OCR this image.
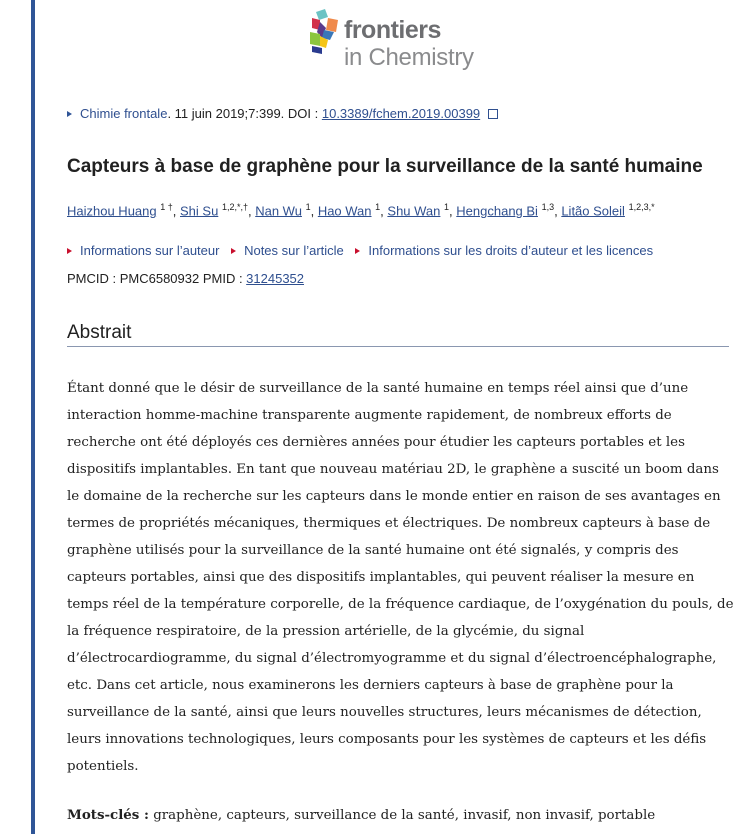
frontiers
in Chemistry
Chimie frontale. 11 juin 2019;7:399. DOI : 10.3389/fchem.2019.00399
Capteurs à base de graphène pour la surveillance de la santé humaine
Haizhou Huang $^{1 \dagger}$, Shi Su $^{1,2,*,\dagger}$, Nan Wu $^1$, Hao Wan $^1$, Shu Wan $^1$, Hengchang Bi $^{1,3}$, Litão Soleil $^{1,2,3,*}$
Informations sur l’auteur Notes sur l’article Informations sur les droits d’auteur et les licences
PMCID : PMC6580932 PMID : 31245352
Abstrait

Étant donné que le désir de surveillance de la santé humaine en temps réel ainsi que d’une interaction homme-machine transparente augmente rapidement, de nombreux efforts de recherche ont été déployés ces dernières années pour étudier les capteurs portables et les dispositifs implantables. En tant que nouveau matériau 2D, le graphène a suscité un boom dans le domaine de la recherche sur les capteurs dans le monde entier en raison de ses avantages en termes de propriétés mécaniques, thermiques et électriques. De nombreux capteurs à base de graphène utilisés pour la surveillance de la santé humaine ont été signalés, y compris des capteurs portables, ainsi que des dispositifs implantables, qui peuvent réaliser la mesure en temps réel de la température corporelle, de la fréquence cardiaque, de l’oxygénation du pouls, de la fréquence respiratoire, de la pression artérielle, de la glycémie, du signal d’électrocardiogramme, du signal d’électromyogramme et du signal d’électroencéphalographe, etc. Dans cet article, nous examinerons les derniers capteurs à base de graphène pour la surveillance de la santé, ainsi que leurs nouvelles structures, leurs mécanismes de détection, leurs innovations technologiques, leurs composants pour les systèmes de capteurs et les défis potentiels.

Mots-clés : graphène, capteurs, surveillance de la santé, invasif, non invasif, portable
